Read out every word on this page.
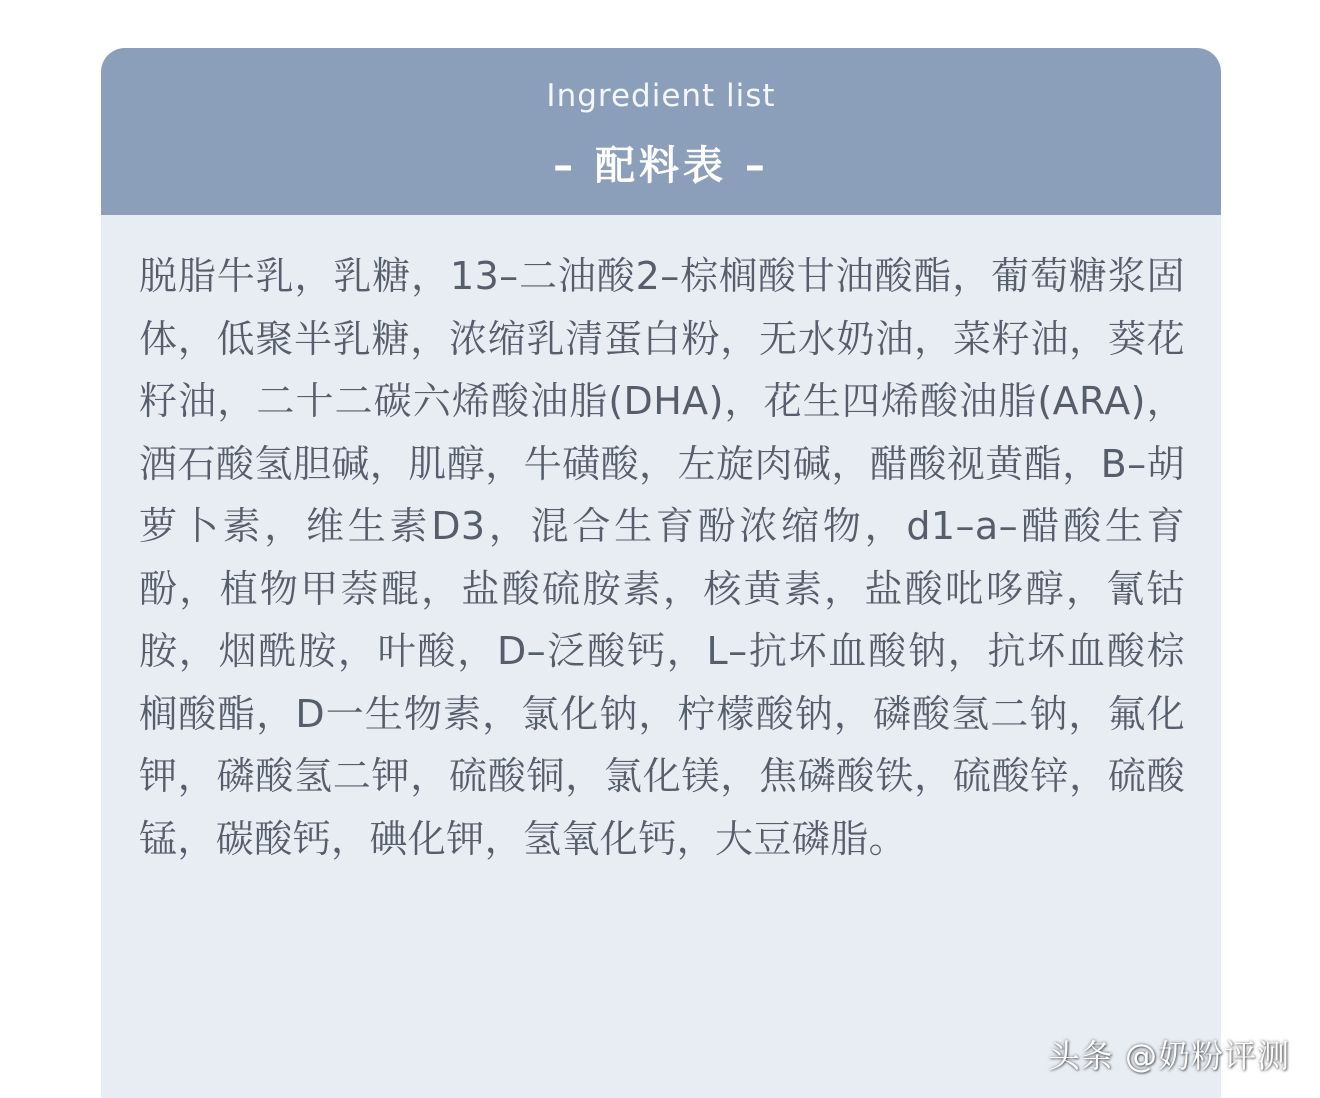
Ingredient list
– 配料表 –

脱脂牛乳，乳糖，13–二油酸2–棕榈酸甘油酸酯，葡萄糖浆固体，低聚半乳糖，浓缩乳清蛋白粉，无水奶油，菜籽油，葵花籽油，二十二碳六烯酸油脂(DHA)，花生四烯酸油脂(ARA)，酒石酸氢胆碱，肌醇，牛磺酸，左旋肉碱，醋酸视黄酯，B–胡萝卜素，维生素D3，混合生育酚浓缩物，d1–a–醋酸生育酚，植物甲萘醌，盐酸硫胺素，核黄素，盐酸吡哆醇，氰钴胺，烟酰胺，叶酸，D–泛酸钙，L–抗坏血酸钠，抗坏血酸棕榈酸酯，D一生物素，氯化钠，柠檬酸钠，磷酸氢二钠，氟化钾，磷酸氢二钾，硫酸铜，氯化镁，焦磷酸铁，硫酸锌，硫酸锰，碳酸钙，碘化钾，氢氧化钙，大豆磷脂。

头条 @奶粉评测
